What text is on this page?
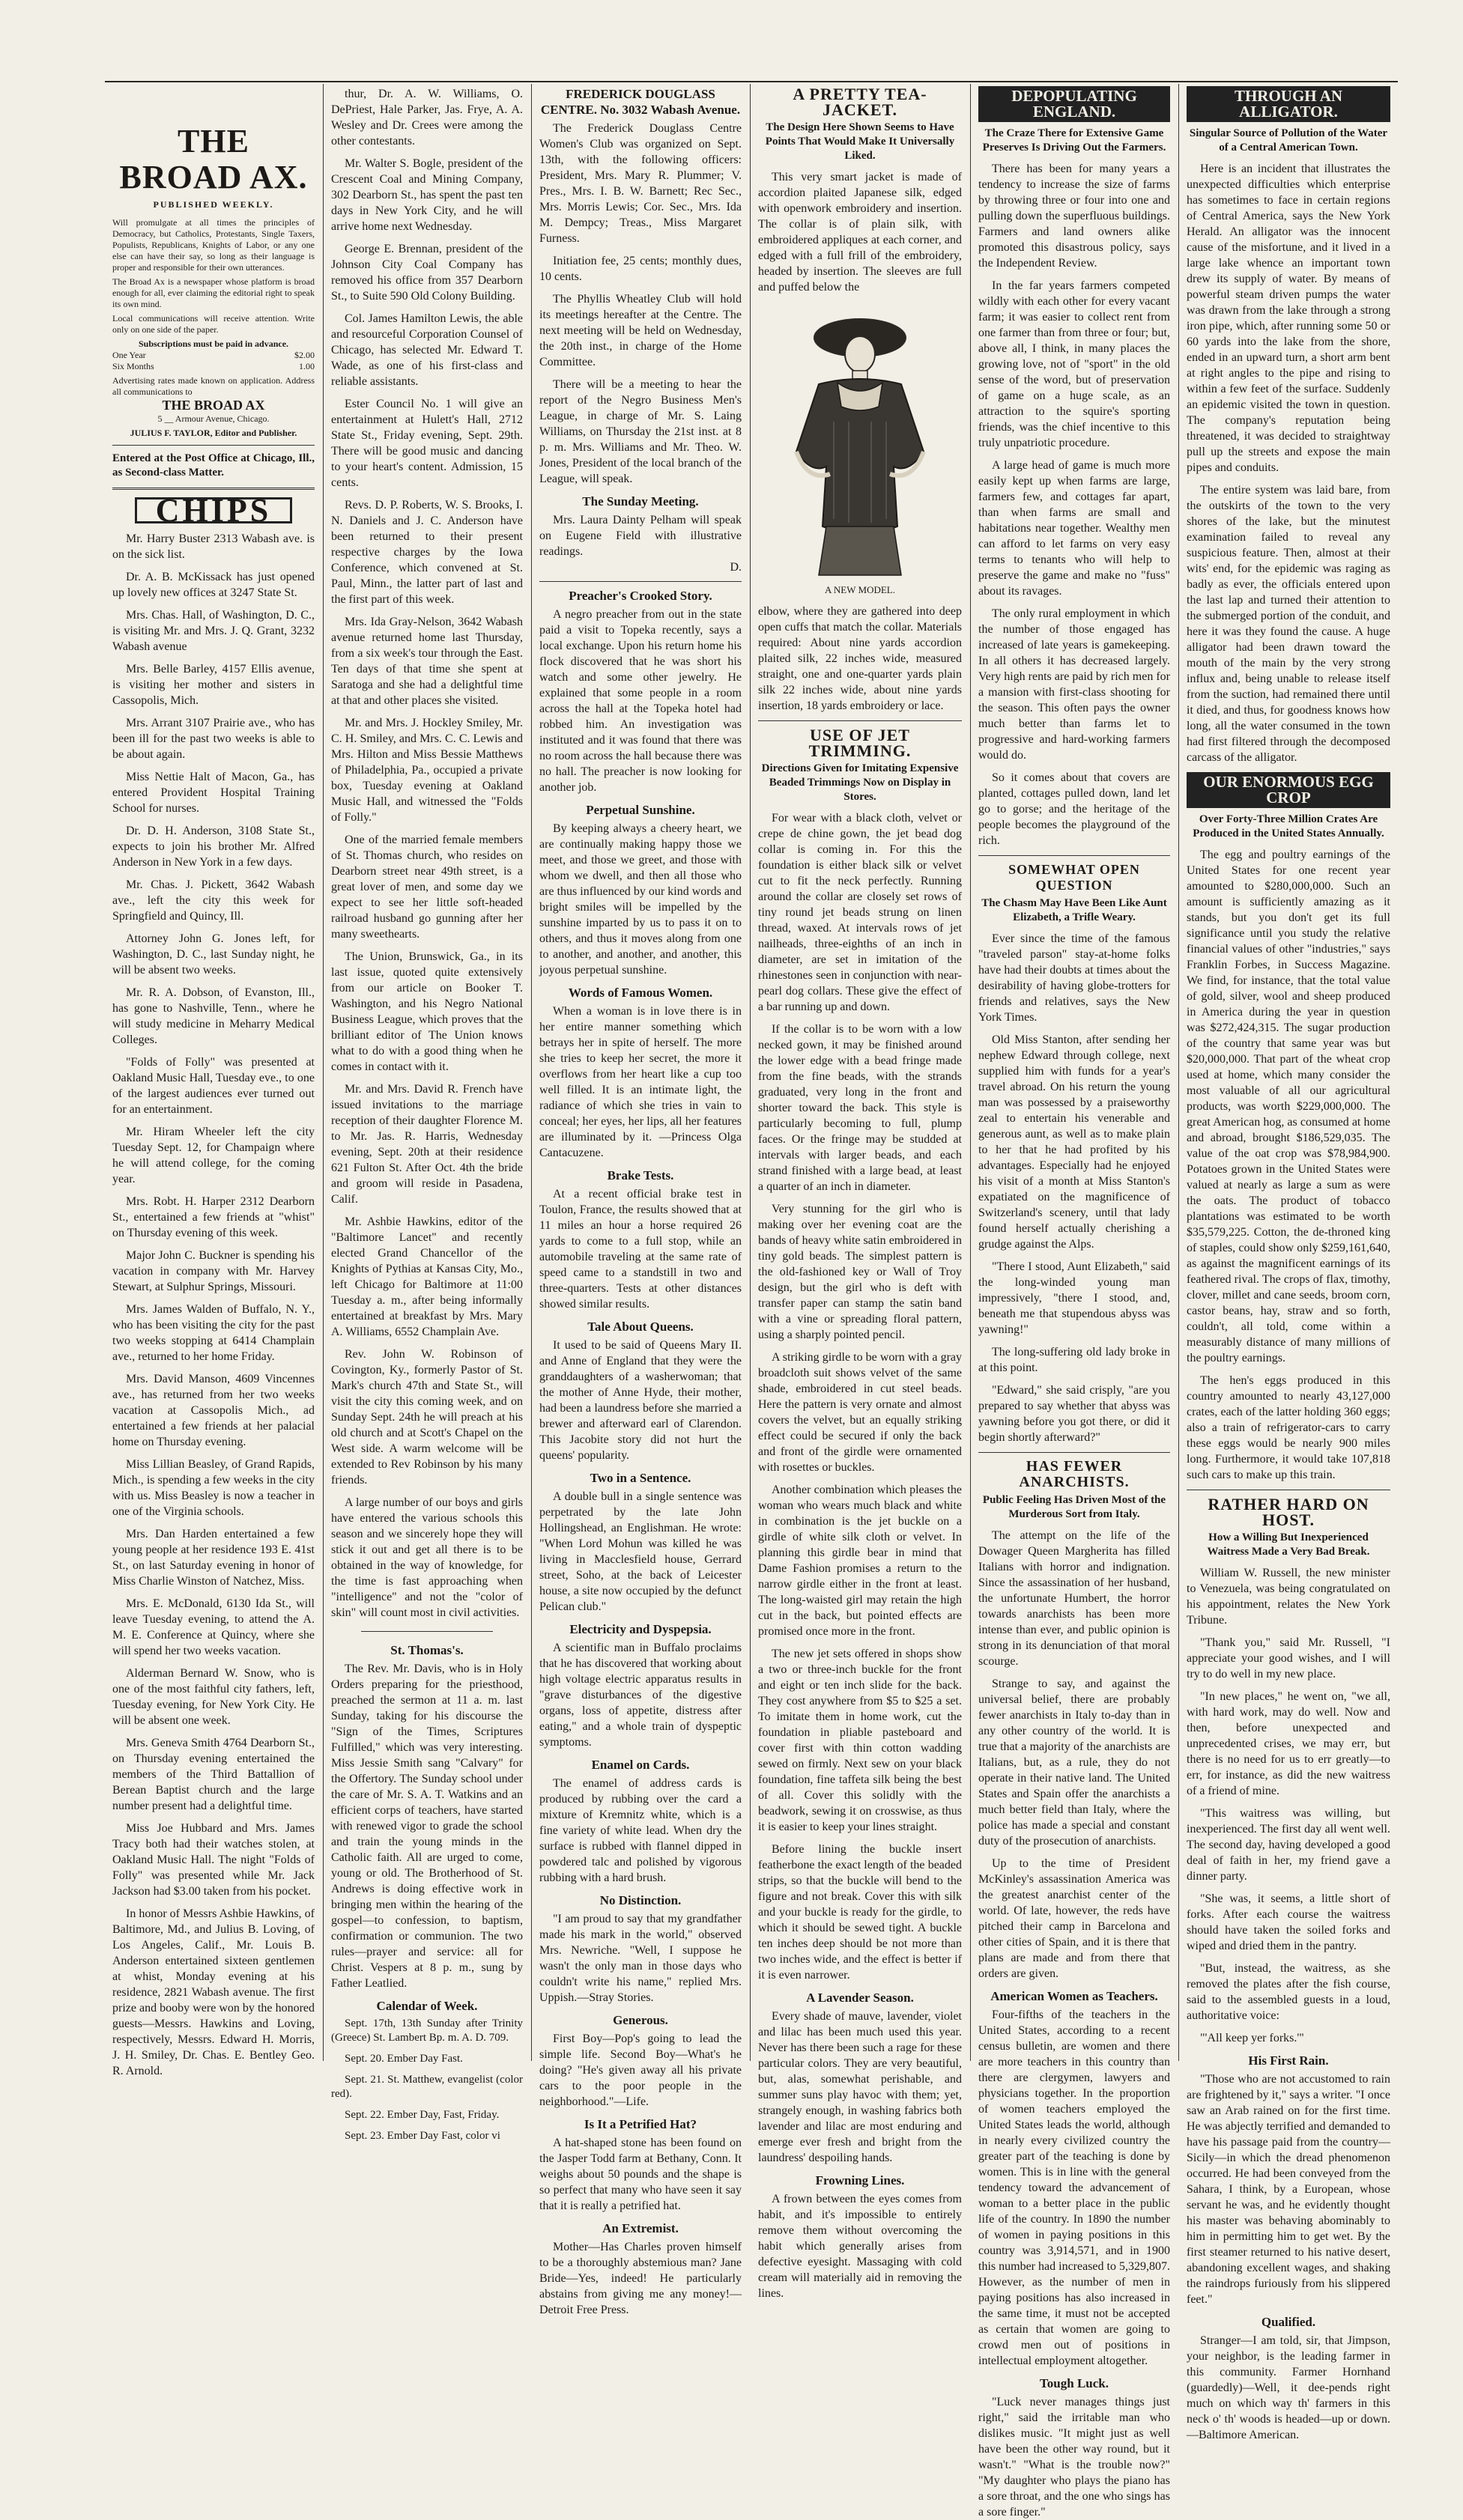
THE BROAD AX.
PUBLISHED WEEKLY.
Will promulgate at all times the principles of Democracy, but Catholics, Protestants, Single Taxers, Populists, Republicans, Knights of Labor, or any one else can have their say, so long as their language is proper and responsible for their own utterances.
The Broad Ax is a newspaper whose platform is broad enough for all, ever claiming the editorial right to speak its own mind.
Local communications will receive attention. Write only on one side of the paper.
Subscriptions must be paid in advance.
One Year	$2.00
Six Months	1.00
Advertising rates made known on application. Address all communications to
THE BROAD AX
5 __ Armour Avenue, Chicago.
JULIUS F. TAYLOR, Editor and Publisher.
Entered at the Post Office at Chicago, Ill., as Second-class Matter.
CHIPS

Mr. Harry Buster 2313 Wabash ave. is on the sick list.

Dr. A. B. McKissack has just opened up lovely new offices at 3247 State St.

Mrs. Chas. Hall, of Washington, D. C., is visiting Mr. and Mrs. J. Q. Grant, 3232 Wabash avenue

Mrs. Belle Barley, 4157 Ellis avenue, is visiting her mother and sisters in Cassopolis, Mich.

Mrs. Arrant 3107 Prairie ave., who has been ill for the past two weeks is able to be about again.

Miss Nettie Halt of Macon, Ga., has entered Provident Hospital Training School for nurses.

Dr. D. H. Anderson, 3108 State St., expects to join his brother Mr. Alfred Anderson in New York in a few days.

Mr. Chas. J. Pickett, 3642 Wabash ave., left the city this week for Springfield and Quincy, Ill.

Attorney John G. Jones left, for Washington, D. C., last Sunday night, he will be absent two weeks.

Mr. R. A. Dobson, of Evanston, Ill., has gone to Nashville, Tenn., where he will study medicine in Meharry Medical Colleges.

"Folds of Folly" was presented at Oakland Music Hall, Tuesday eve., to one of the largest audiences ever turned out for an entertainment.

Mr. Hiram Wheeler left the city Tuesday Sept. 12, for Champaign where he will attend college, for the coming year.

Mrs. Robt. H. Harper 2312 Dearborn St., entertained a few friends at "whist" on Thursday evening of this week.

Major John C. Buckner is spending his vacation in company with Mr. Harvey Stewart, at Sulphur Springs, Missouri.

Mrs. James Walden of Buffalo, N. Y., who has been visiting the city for the past two weeks stopping at 6414 Champlain ave., returned to her home Friday.

Mrs. David Manson, 4609 Vincennes ave., has returned from her two weeks vacation at Cassopolis Mich., ad entertained a few friends at her palacial home on Thursday evening.

Miss Lillian Beasley, of Grand Rapids, Mich., is spending a few weeks in the city with us. Miss Beasley is now a teacher in one of the Virginia schools.

Mrs. Dan Harden entertained a few young people at her residence 193 E. 41st St., on last Saturday evening in honor of Miss Charlie Winston of Natchez, Miss.

Mrs. E. McDonald, 6130 Ida St., will leave Tuesday evening, to attend the A. M. E. Conference at Quincy, where she will spend her two weeks vacation.

Alderman Bernard W. Snow, who is one of the most faithful city fathers, left, Tuesday evening, for New York City. He will be absent one week.

Mrs. Geneva Smith 4764 Dearborn St., on Thursday evening entertained the members of the Third Battallion of Berean Baptist church and the large number present had a delightful time.

Miss Joe Hubbard and Mrs. James Tracy both had their watches stolen, at Oakland Music Hall. The night "Folds of Folly" was presented while Mr. Jack Jackson had $3.00 taken from his pocket.

In honor of Messrs Ashbie Hawkins, of Baltimore, Md., and Julius B. Loving, of Los Angeles, Calif., Mr. Louis B. Anderson entertained sixteen gentlemen at whist, Monday evening at his residence, 2821 Wabash avenue. The first prize and booby were won by the honored guests—Messrs. Hawkins and Loving, respectively, Messrs. Edward H. Morris, J. H. Smiley, Dr. Chas. E. Bentley Geo. R. Arnold.

thur, Dr. A. W. Williams, O. DePriest, Hale Parker, Jas. Frye, A. A. Wesley and Dr. Crees were among the other contestants.

Mr. Walter S. Bogle, president of the Crescent Coal and Mining Company, 302 Dearborn St., has spent the past ten days in New York City, and he will arrive home next Wednesday.

George E. Brennan, president of the Johnson City Coal Company has removed his office from 357 Dearborn St., to Suite 590 Old Colony Building.

Col. James Hamilton Lewis, the able and resourceful Corporation Counsel of Chicago, has selected Mr. Edward T. Wade, as one of his first-class and reliable assistants.

Ester Council No. 1 will give an entertainment at Hulett's Hall, 2712 State St., Friday evening, Sept. 29th. There will be good music and dancing to your heart's content. Admission, 15 cents.

Revs. D. P. Roberts, W. S. Brooks, I. N. Daniels and J. C. Anderson have been returned to their present respective charges by the Iowa Conference, which convened at St. Paul, Minn., the latter part of last and the first part of this week.

Mrs. Ida Gray-Nelson, 3642 Wabash avenue returned home last Thursday, from a six week's tour through the East. Ten days of that time she spent at Saratoga and she had a delightful time at that and other places she visited.

Mr. and Mrs. J. Hockley Smiley, Mr. C. H. Smiley, and Mrs. C. C. Lewis and Mrs. Hilton and Miss Bessie Matthews of Philadelphia, Pa., occupied a private box, Tuesday evening at Oakland Music Hall, and witnessed the "Folds of Folly."

One of the married female members of St. Thomas church, who resides on Dearborn street near 49th street, is a great lover of men, and some day we expect to see her little soft-headed railroad husband go gunning after her many sweethearts.

The Union, Brunswick, Ga., in its last issue, quoted quite extensively from our article on Booker T. Washington, and his Negro National Business League, which proves that the brilliant editor of The Union knows what to do with a good thing when he comes in contact with it.

Mr. and Mrs. David R. French have issued invitations to the marriage reception of their daughter Florence M. to Mr. Jas. R. Harris, Wednesday evening, Sept. 20th at their residence 621 Fulton St. After Oct. 4th the bride and groom will reside in Pasadena, Calif.

Mr. Ashbie Hawkins, editor of the "Baltimore Lancet" and recently elected Grand Chancellor of the Knights of Pythias at Kansas City, Mo., left Chicago for Baltimore at 11:00 Tuesday a. m., after being informally entertained at breakfast by Mrs. Mary A. Williams, 6552 Champlain Ave.

Rev. John W. Robinson of Covington, Ky., formerly Pastor of St. Mark's church 47th and State St., will visit the city this coming week, and on Sunday Sept. 24th he will preach at his old church and at Scott's Chapel on the West side. A warm welcome will be extended to Rev Robinson by his many friends.

A large number of our boys and girls have entered the various schools this season and we sincerely hope they will stick it out and get all there is to be obtained in the way of knowledge, for the time is fast approaching when "intelligence" and not the "color of skin" will count most in civil activities.

St. Thomas's.

The Rev. Mr. Davis, who is in Holy Orders preparing for the priesthood, preached the sermon at 11 a. m. last Sunday, taking for his discourse the "Sign of the Times, Scriptures Fulfilled," which was very interesting. Miss Jessie Smith sang "Calvary" for the Offertory. The Sunday school under the care of Mr. S. A. T. Watkins and an efficient corps of teachers, have started with renewed vigor to grade the school and train the young minds in the Catholic faith. All are urged to come, young or old. The Brotherhood of St. Andrews is doing effective work in bringing men within the hearing of the gospel—to confession, to baptism, confirmation or communion. The two rules—prayer and service: all for Christ. Vespers at 8 p. m., sung by Father Leatlied.

Calendar of Week.

Sept. 17th, 13th Sunday after Trinity (Greece) St. Lambert Bp. m. A. D. 709.

Sept. 20. Ember Day Fast.

Sept. 21. St. Matthew, evangelist (color red).

Sept. 22. Ember Day, Fast, Friday.

Sept. 23. Ember Day Fast, color vi

FREDERICK DOUGLASS CENTRE. No. 3032 Wabash Avenue.

The Frederick Douglass Centre Women's Club was organized on Sept. 13th, with the following officers: President, Mrs. Mary R. Plummer; V. Pres., Mrs. I. B. W. Barnett; Rec Sec., Mrs. Morris Lewis; Cor. Sec., Mrs. Ida M. Dempcy; Treas., Miss Margaret Furness.

Initiation fee, 25 cents; monthly dues, 10 cents.

The Phyllis Wheatley Club will hold its meetings hereafter at the Centre. The next meeting will be held on Wednesday, the 20th inst., in charge of the Home Committee.

There will be a meeting to hear the report of the Negro Business Men's League, in charge of Mr. S. Laing Williams, on Thursday the 21st inst. at 8 p. m. Mrs. Williams and Mr. Theo. W. Jones, President of the local branch of the League, will speak.

The Sunday Meeting.

Mrs. Laura Dainty Pelham will speak on Eugene Field with illustrative readings.

D.
Preacher's Crooked Story.

A negro preacher from out in the state paid a visit to Topeka recently, says a local exchange. Upon his return home his flock discovered that he was short his watch and some other jewelry. He explained that some people in a room across the hall at the Topeka hotel had robbed him. An investigation was instituted and it was found that there was no room across the hall because there was no hall. The preacher is now looking for another job.

Perpetual Sunshine.

By keeping always a cheery heart, we are continually making happy those we meet, and those we greet, and those with whom we dwell, and then all those who are thus influenced by our kind words and bright smiles will be impelled by the sunshine imparted by us to pass it on to others, and thus it moves along from one to another, and another, and another, this joyous perpetual sunshine.

Words of Famous Women.

When a woman is in love there is in her entire manner something which betrays her in spite of herself. The more she tries to keep her secret, the more it overflows from her heart like a cup too well filled. It is an intimate light, the radiance of which she tries in vain to conceal; her eyes, her lips, all her features are illuminated by it. —Princess Olga Cantacuzene.

Brake Tests.

At a recent official brake test in Toulon, France, the results showed that at 11 miles an hour a horse required 26 yards to come to a full stop, while an automobile traveling at the same rate of speed came to a standstill in two and three-quarters. Tests at other distances showed similar results.

Tale About Queens.

It used to be said of Queens Mary II. and Anne of England that they were the granddaughters of a washerwoman; that the mother of Anne Hyde, their mother, had been a laundress before she married a brewer and afterward earl of Clarendon. This Jacobite story did not hurt the queens' popularity.

Two in a Sentence.

A double bull in a single sentence was perpetrated by the late John Hollingshead, an Englishman. He wrote: "When Lord Mohun was killed he was living in Macclesfield house, Gerrard street, Soho, at the back of Leicester house, a site now occupied by the defunct Pelican club."

Electricity and Dyspepsia.

A scientific man in Buffalo proclaims that he has discovered that working about high voltage electric apparatus results in "grave disturbances of the digestive organs, loss of appetite, distress after eating," and a whole train of dyspeptic symptoms.

Enamel on Cards.

The enamel of address cards is produced by rubbing over the card a mixture of Kremnitz white, which is a fine variety of white lead. When dry the surface is rubbed with flannel dipped in powdered talc and polished by vigorous rubbing with a hard brush.

No Distinction.

"I am proud to say that my grandfather made his mark in the world," observed Mrs. Newriche. "Well, I suppose he wasn't the only man in those days who couldn't write his name," replied Mrs. Uppish.—Stray Stories.

Generous.

First Boy—Pop's going to lead the simple life. Second Boy—What's he doing? "He's given away all his private cars to the poor people in the neighborhood."—Life.

Is It a Petrified Hat?

A hat-shaped stone has been found on the Jasper Todd farm at Bethany, Conn. It weighs about 50 pounds and the shape is so perfect that many who have seen it say that it is really a petrified hat.

An Extremist.

Mother—Has Charles proven himself to be a thoroughly abstemious man? Jane Bride—Yes, indeed! He particularly abstains from giving me any money!—Detroit Free Press.

A PRETTY TEA-JACKET.
The Design Here Shown Seems to Have Points That Would Make It Universally Liked.

This very smart jacket is made of accordion plaited Japanese silk, edged with openwork embroidery and insertion. The collar is of plain silk, with embroidered appliques at each corner, and edged with a full frill of the embroidery, headed by insertion. The sleeves are full and puffed below the

A NEW MODEL.

elbow, where they are gathered into deep open cuffs that match the collar. Materials required: About nine yards accordion plaited silk, 22 inches wide, measured straight, one and one-quarter yards plain silk 22 inches wide, about nine yards insertion, 18 yards embroidery or lace.

USE OF JET TRIMMING.
Directions Given for Imitating Expensive Beaded Trimmings Now on Display in Stores.

For wear with a black cloth, velvet or crepe de chine gown, the jet bead dog collar is coming in. For this the foundation is either black silk or velvet cut to fit the neck perfectly. Running around the collar are closely set rows of tiny round jet beads strung on linen thread, waxed. At intervals rows of jet nailheads, three-eighths of an inch in diameter, are set in imitation of the rhinestones seen in conjunction with near-pearl dog collars. These give the effect of a bar running up and down.

If the collar is to be worn with a low necked gown, it may be finished around the lower edge with a bead fringe made from the fine beads, with the strands graduated, very long in the front and shorter toward the back. This style is particularly becoming to full, plump faces. Or the fringe may be studded at intervals with larger beads, and each strand finished with a large bead, at least a quarter of an inch in diameter.

Very stunning for the girl who is making over her evening coat are the bands of heavy white satin embroidered in tiny gold beads. The simplest pattern is the old-fashioned key or Wall of Troy design, but the girl who is deft with transfer paper can stamp the satin band with a vine or spreading floral pattern, using a sharply pointed pencil.

A striking girdle to be worn with a gray broadcloth suit shows velvet of the same shade, embroidered in cut steel beads. Here the pattern is very ornate and almost covers the velvet, but an equally striking effect could be secured if only the back and front of the girdle were ornamented with rosettes or buckles.

Another combination which pleases the woman who wears much black and white in combination is the jet buckle on a girdle of white silk cloth or velvet. In planning this girdle bear in mind that Dame Fashion promises a return to the narrow girdle either in the front at least. The long-waisted girl may retain the high cut in the back, but pointed effects are promised once more in the front.

The new jet sets offered in shops show a two or three-inch buckle for the front and eight or ten inch slide for the back. They cost anywhere from $5 to $25 a set. To imitate them in home work, cut the foundation in pliable pasteboard and cover first with thin cotton wadding sewed on firmly. Next sew on your black foundation, fine taffeta silk being the best of all. Cover this solidly with the beadwork, sewing it on crosswise, as thus it is easier to keep your lines straight.

Before lining the buckle insert featherbone the exact length of the beaded strips, so that the buckle will bend to the figure and not break. Cover this with silk and your buckle is ready for the girdle, to which it should be sewed tight. A buckle ten inches deep should be not more than two inches wide, and the effect is better if it is even narrower.

A Lavender Season.

Every shade of mauve, lavender, violet and lilac has been much used this year. Never has there been such a rage for these particular colors. They are very beautiful, but, alas, somewhat perishable, and summer suns play havoc with them; yet, strangely enough, in washing fabrics both lavender and lilac are most enduring and emerge ever fresh and bright from the laundress' despoiling hands.

Frowning Lines.

A frown between the eyes comes from habit, and it's impossible to entirely remove them without overcoming the habit which generally arises from defective eyesight. Massaging with cold cream will materially aid in removing the lines.

DEPOPULATING ENGLAND.
The Craze There for Extensive Game Preserves Is Driving Out the Farmers.

There has been for many years a tendency to increase the size of farms by throwing three or four into one and pulling down the superfluous buildings. Farmers and land owners alike promoted this disastrous policy, says the Independent Review.

In the far years farmers competed wildly with each other for every vacant farm; it was easier to collect rent from one farmer than from three or four; but, above all, I think, in many places the growing love, not of "sport" in the old sense of the word, but of preservation of game on a huge scale, as an attraction to the squire's sporting friends, was the chief incentive to this truly unpatriotic procedure.

A large head of game is much more easily kept up when farms are large, farmers few, and cottages far apart, than when farms are small and habitations near together. Wealthy men can afford to let farms on very easy terms to tenants who will help to preserve the game and make no "fuss" about its ravages.

The only rural employment in which the number of those engaged has increased of late years is gamekeeping. In all others it has decreased largely. Very high rents are paid by rich men for a mansion with first-class shooting for the season. This often pays the owner much better than farms let to progressive and hard-working farmers would do.

So it comes about that covers are planted, cottages pulled down, land let go to gorse; and the heritage of the people becomes the playground of the rich.

SOMEWHAT OPEN QUESTION
The Chasm May Have Been Like Aunt Elizabeth, a Trifle Weary.

Ever since the time of the famous "traveled parson" stay-at-home folks have had their doubts at times about the desirability of having globe-trotters for friends and relatives, says the New York Times.

Old Miss Stanton, after sending her nephew Edward through college, next supplied him with funds for a year's travel abroad. On his return the young man was possessed by a praiseworthy zeal to entertain his venerable and generous aunt, as well as to make plain to her that he had profited by his advantages. Especially had he enjoyed his visit of a month at Miss Stanton's expatiated on the magnificence of Switzerland's scenery, until that lady found herself actually cherishing a grudge against the Alps.

"There I stood, Aunt Elizabeth," said the long-winded young man impressively, "there I stood, and, beneath me that stupendous abyss was yawning!"

The long-suffering old lady broke in at this point.

"Edward," she said crisply, "are you prepared to say whether that abyss was yawning before you got there, or did it begin shortly afterward?"

HAS FEWER ANARCHISTS.
Public Feeling Has Driven Most of the Murderous Sort from Italy.

The attempt on the life of the Dowager Queen Margherita has filled Italians with horror and indignation. Since the assassination of her husband, the unfortunate Humbert, the horror towards anarchists has been more intense than ever, and public opinion is strong in its denunciation of that moral scourge.

Strange to say, and against the universal belief, there are probably fewer anarchists in Italy to-day than in any other country of the world. It is true that a majority of the anarchists are Italians, but, as a rule, they do not operate in their native land. The United States and Spain offer the anarchists a much better field than Italy, where the police has made a special and constant duty of the prosecution of anarchists.

Up to the time of President McKinley's assassination America was the greatest anarchist center of the world. Of late, however, the reds have pitched their camp in Barcelona and other cities of Spain, and it is there that plans are made and from there that orders are given.

American Women as Teachers.

Four-fifths of the teachers in the United States, according to a recent census bulletin, are women and there are more teachers in this country than there are clergymen, lawyers and physicians together. In the proportion of women teachers employed the United States leads the world, although in nearly every civilized country the greater part of the teaching is done by women. This is in line with the general tendency toward the advancement of woman to a better place in the public life of the country. In 1890 the number of women in paying positions in this country was 3,914,571, and in 1900 this number had increased to 5,329,807. However, as the number of men in paying positions has also increased in the same time, it must not be accepted as certain that women are going to crowd men out of positions in intellectual employment altogether.

Tough Luck.

"Luck never manages things just right," said the irritable man who dislikes music. "It might just as well have been the other way round, but it wasn't." "What is the trouble now?" "My daughter who plays the piano has a sore throat, and the one who sings has a sore finger."

THROUGH AN ALLIGATOR.
Singular Source of Pollution of the Water of a Central American Town.

Here is an incident that illustrates the unexpected difficulties which enterprise has sometimes to face in certain regions of Central America, says the New York Herald. An alligator was the innocent cause of the misfortune, and it lived in a large lake whence an important town drew its supply of water. By means of powerful steam driven pumps the water was drawn from the lake through a strong iron pipe, which, after running some 50 or 60 yards into the lake from the shore, ended in an upward turn, a short arm bent at right angles to the pipe and rising to within a few feet of the surface. Suddenly an epidemic visited the town in question. The company's reputation being threatened, it was decided to straightway pull up the streets and expose the main pipes and conduits.

The entire system was laid bare, from the outskirts of the town to the very shores of the lake, but the minutest examination failed to reveal any suspicious feature. Then, almost at their wits' end, for the epidemic was raging as badly as ever, the officials entered upon the last lap and turned their attention to the submerged portion of the conduit, and here it was they found the cause. A huge alligator had been drawn toward the mouth of the main by the very strong influx and, being unable to release itself from the suction, had remained there until it died, and thus, for goodness knows how long, all the water consumed in the town had first filtered through the decomposed carcass of the alligator.

OUR ENORMOUS EGG CROP
Over Forty-Three Million Crates Are Produced in the United States Annually.

The egg and poultry earnings of the United States for one recent year amounted to $280,000,000. Such an amount is sufficiently amazing as it stands, but you don't get its full significance until you study the relative financial values of other "industries," says Franklin Forbes, in Success Magazine. We find, for instance, that the total value of gold, silver, wool and sheep produced in America during the year in question was $272,424,315. The sugar production of the country that same year was but $20,000,000. That part of the wheat crop used at home, which many consider the most valuable of all our agricultural products, was worth $229,000,000. The great American hog, as consumed at home and abroad, brought $186,529,035. The value of the oat crop was $78,984,900. Potatoes grown in the United States were valued at nearly as large a sum as were the oats. The product of tobacco plantations was estimated to be worth $35,579,225. Cotton, the de-throned king of staples, could show only $259,161,640, as against the magnificent earnings of its feathered rival. The crops of flax, timothy, clover, millet and cane seeds, broom corn, castor beans, hay, straw and so forth, couldn't, all told, come within a measurably distance of many millions of the poultry earnings.

The hen's eggs produced in this country amounted to nearly 43,127,000 crates, each of the latter holding 360 eggs; also a train of refrigerator-cars to carry these eggs would be nearly 900 miles long. Furthermore, it would take 107,818 such cars to make up this train.

RATHER HARD ON HOST.
How a Willing But Inexperienced Waitress Made a Very Bad Break.

William W. Russell, the new minister to Venezuela, was being congratulated on his appointment, relates the New York Tribune.

"Thank you," said Mr. Russell, "I appreciate your good wishes, and I will try to do well in my new place.

"In new places," he went on, "we all, with hard work, may do well. Now and then, before unexpected and unprecedented crises, we may err, but there is no need for us to err greatly—to err, for instance, as did the new waitress of a friend of mine.

"This waitress was willing, but inexperienced. The first day all went well. The second day, having developed a good deal of faith in her, my friend gave a dinner party.

"She was, it seems, a little short of forks. After each course the waitress should have taken the soiled forks and wiped and dried them in the pantry.

"But, instead, the waitress, as she removed the plates after the fish course, said to the assembled guests in a loud, authoritative voice:

"'All keep yer forks.'"

His First Rain.

"Those who are not accustomed to rain are frightened by it," says a writer. "I once saw an Arab rained on for the first time. He was abjectly terrified and demanded to have his passage paid from the country—Sicily—in which the dread phenomenon occurred. He had been conveyed from the Sahara, I think, by a European, whose servant he was, and he evidently thought his master was behaving abominably to him in permitting him to get wet. By the first steamer returned to his native desert, abandoning excellent wages, and shaking the raindrops furiously from his slippered feet."

Qualified.

Stranger—I am told, sir, that Jimpson, your neighbor, is the leading farmer in this community. Farmer Hornhand (guardedly)—Well, it dee-pends right much on which way th' farmers in this neck o' th' woods is headed—up or down.—Baltimore American.
